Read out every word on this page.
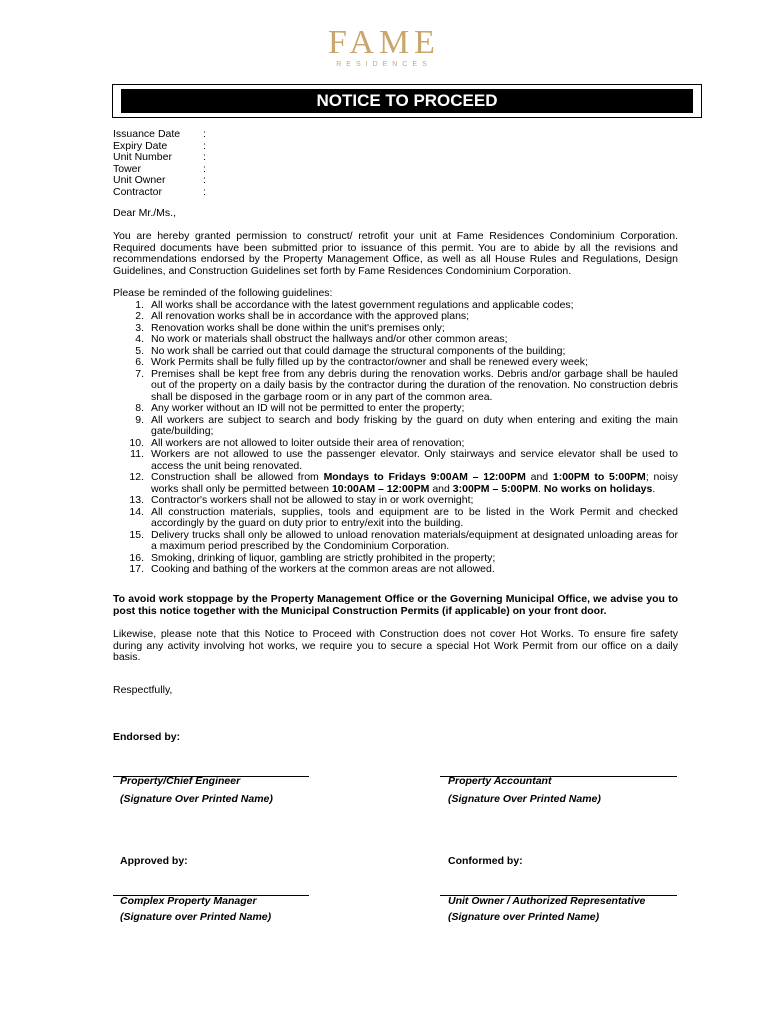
FAME
RESIDENCES
NOTICE TO PROCEED
Issuance Date	:
Expiry Date	:
Unit Number	:
Tower	:
Unit Owner	:
Contractor	:
Dear Mr./Ms.,
You are hereby granted permission to construct/ retrofit your unit at Fame Residences Condominium Corporation. Required documents have been submitted prior to issuance of this permit. You are to abide by all the revisions and recommendations endorsed by the Property Management Office, as well as all House Rules and Regulations, Design Guidelines, and Construction Guidelines set forth by Fame Residences Condominium Corporation.
Please be reminded of the following guidelines:
1. All works shall be accordance with the latest government regulations and applicable codes;
2. All renovation works shall be in accordance with the approved plans;
3. Renovation works shall be done within the unit's premises only;
4. No work or materials shall obstruct the hallways and/or other common areas;
5. No work shall be carried out that could damage the structural components of the building;
6. Work Permits shall be fully filled up by the contractor/owner and shall be renewed every week;
7. Premises shall be kept free from any debris during the renovation works. Debris and/or garbage shall be hauled out of the property on a daily basis by the contractor during the duration of the renovation. No construction debris shall be disposed in the garbage room or in any part of the common area.
8. Any worker without an ID will not be permitted to enter the property;
9. All workers are subject to search and body frisking by the guard on duty when entering and exiting the main gate/building;
10. All workers are not allowed to loiter outside their area of renovation;
11. Workers are not allowed to use the passenger elevator. Only stairways and service elevator shall be used to access the unit being renovated.
12. Construction shall be allowed from Mondays to Fridays 9:00AM – 12:00PM and 1:00PM to 5:00PM; noisy works shall only be permitted between 10:00AM – 12:00PM and 3:00PM – 5:00PM. No works on holidays.
13. Contractor's workers shall not be allowed to stay in or work overnight;
14. All construction materials, supplies, tools and equipment are to be listed in the Work Permit and checked accordingly by the guard on duty prior to entry/exit into the building.
15. Delivery trucks shall only be allowed to unload renovation materials/equipment at designated unloading areas for a maximum period prescribed by the Condominium Corporation.
16. Smoking, drinking of liquor, gambling are strictly prohibited in the property;
17. Cooking and bathing of the workers at the common areas are not allowed.
To avoid work stoppage by the Property Management Office or the Governing Municipal Office, we advise you to post this notice together with the Municipal Construction Permits (if applicable) on your front door.
Likewise, please note that this Notice to Proceed with Construction does not cover Hot Works. To ensure fire safety during any activity involving hot works, we require you to secure a special Hot Work Permit from our office on a daily basis.
Respectfully,
Endorsed by:
Property/Chief Engineer
(Signature Over Printed Name)
Property Accountant
(Signature Over Printed Name)
Approved by:	Conformed by:
Complex Property Manager
(Signature over Printed Name)
Unit Owner / Authorized Representative
(Signature over Printed Name)
